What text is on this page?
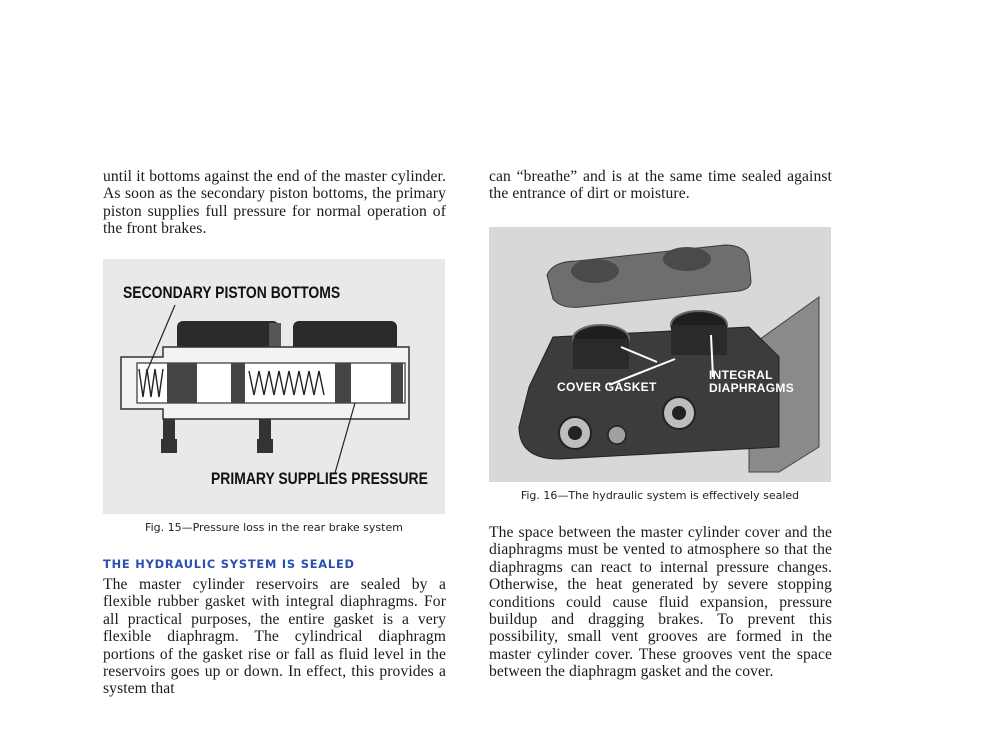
until it bottoms against the end of the master cylinder. As soon as the secondary piston bottoms, the primary piston supplies full pressure for normal operation of the front brakes.

SECONDARY PISTON BOTTOMS
PRIMARY SUPPLIES PRESSURE

Fig. 15—Pressure loss in the rear brake system

THE HYDRAULIC SYSTEM IS SEALED

The master cylinder reservoirs are sealed by a flexible rubber gasket with integral diaphragms. For all practical purposes, the entire gasket is a very flexible diaphragm. The cylindrical diaphragm portions of the gasket rise or fall as fluid level in the reservoirs goes up or down. In effect, this provides a system that

can “breathe” and is at the same time sealed against the entrance of dirt or moisture.

COVER GASKET
INTEGRAL
DIAPHRAGMS

Fig. 16—The hydraulic system is effectively sealed

The space between the master cylinder cover and the diaphragms must be vented to atmosphere so that the diaphragms can react to internal pressure changes. Otherwise, the heat generated by severe stopping conditions could cause fluid expansion, pressure buildup and dragging brakes. To prevent this possibility, small vent grooves are formed in the master cylinder cover. These grooves vent the space between the diaphragm gasket and the cover.
